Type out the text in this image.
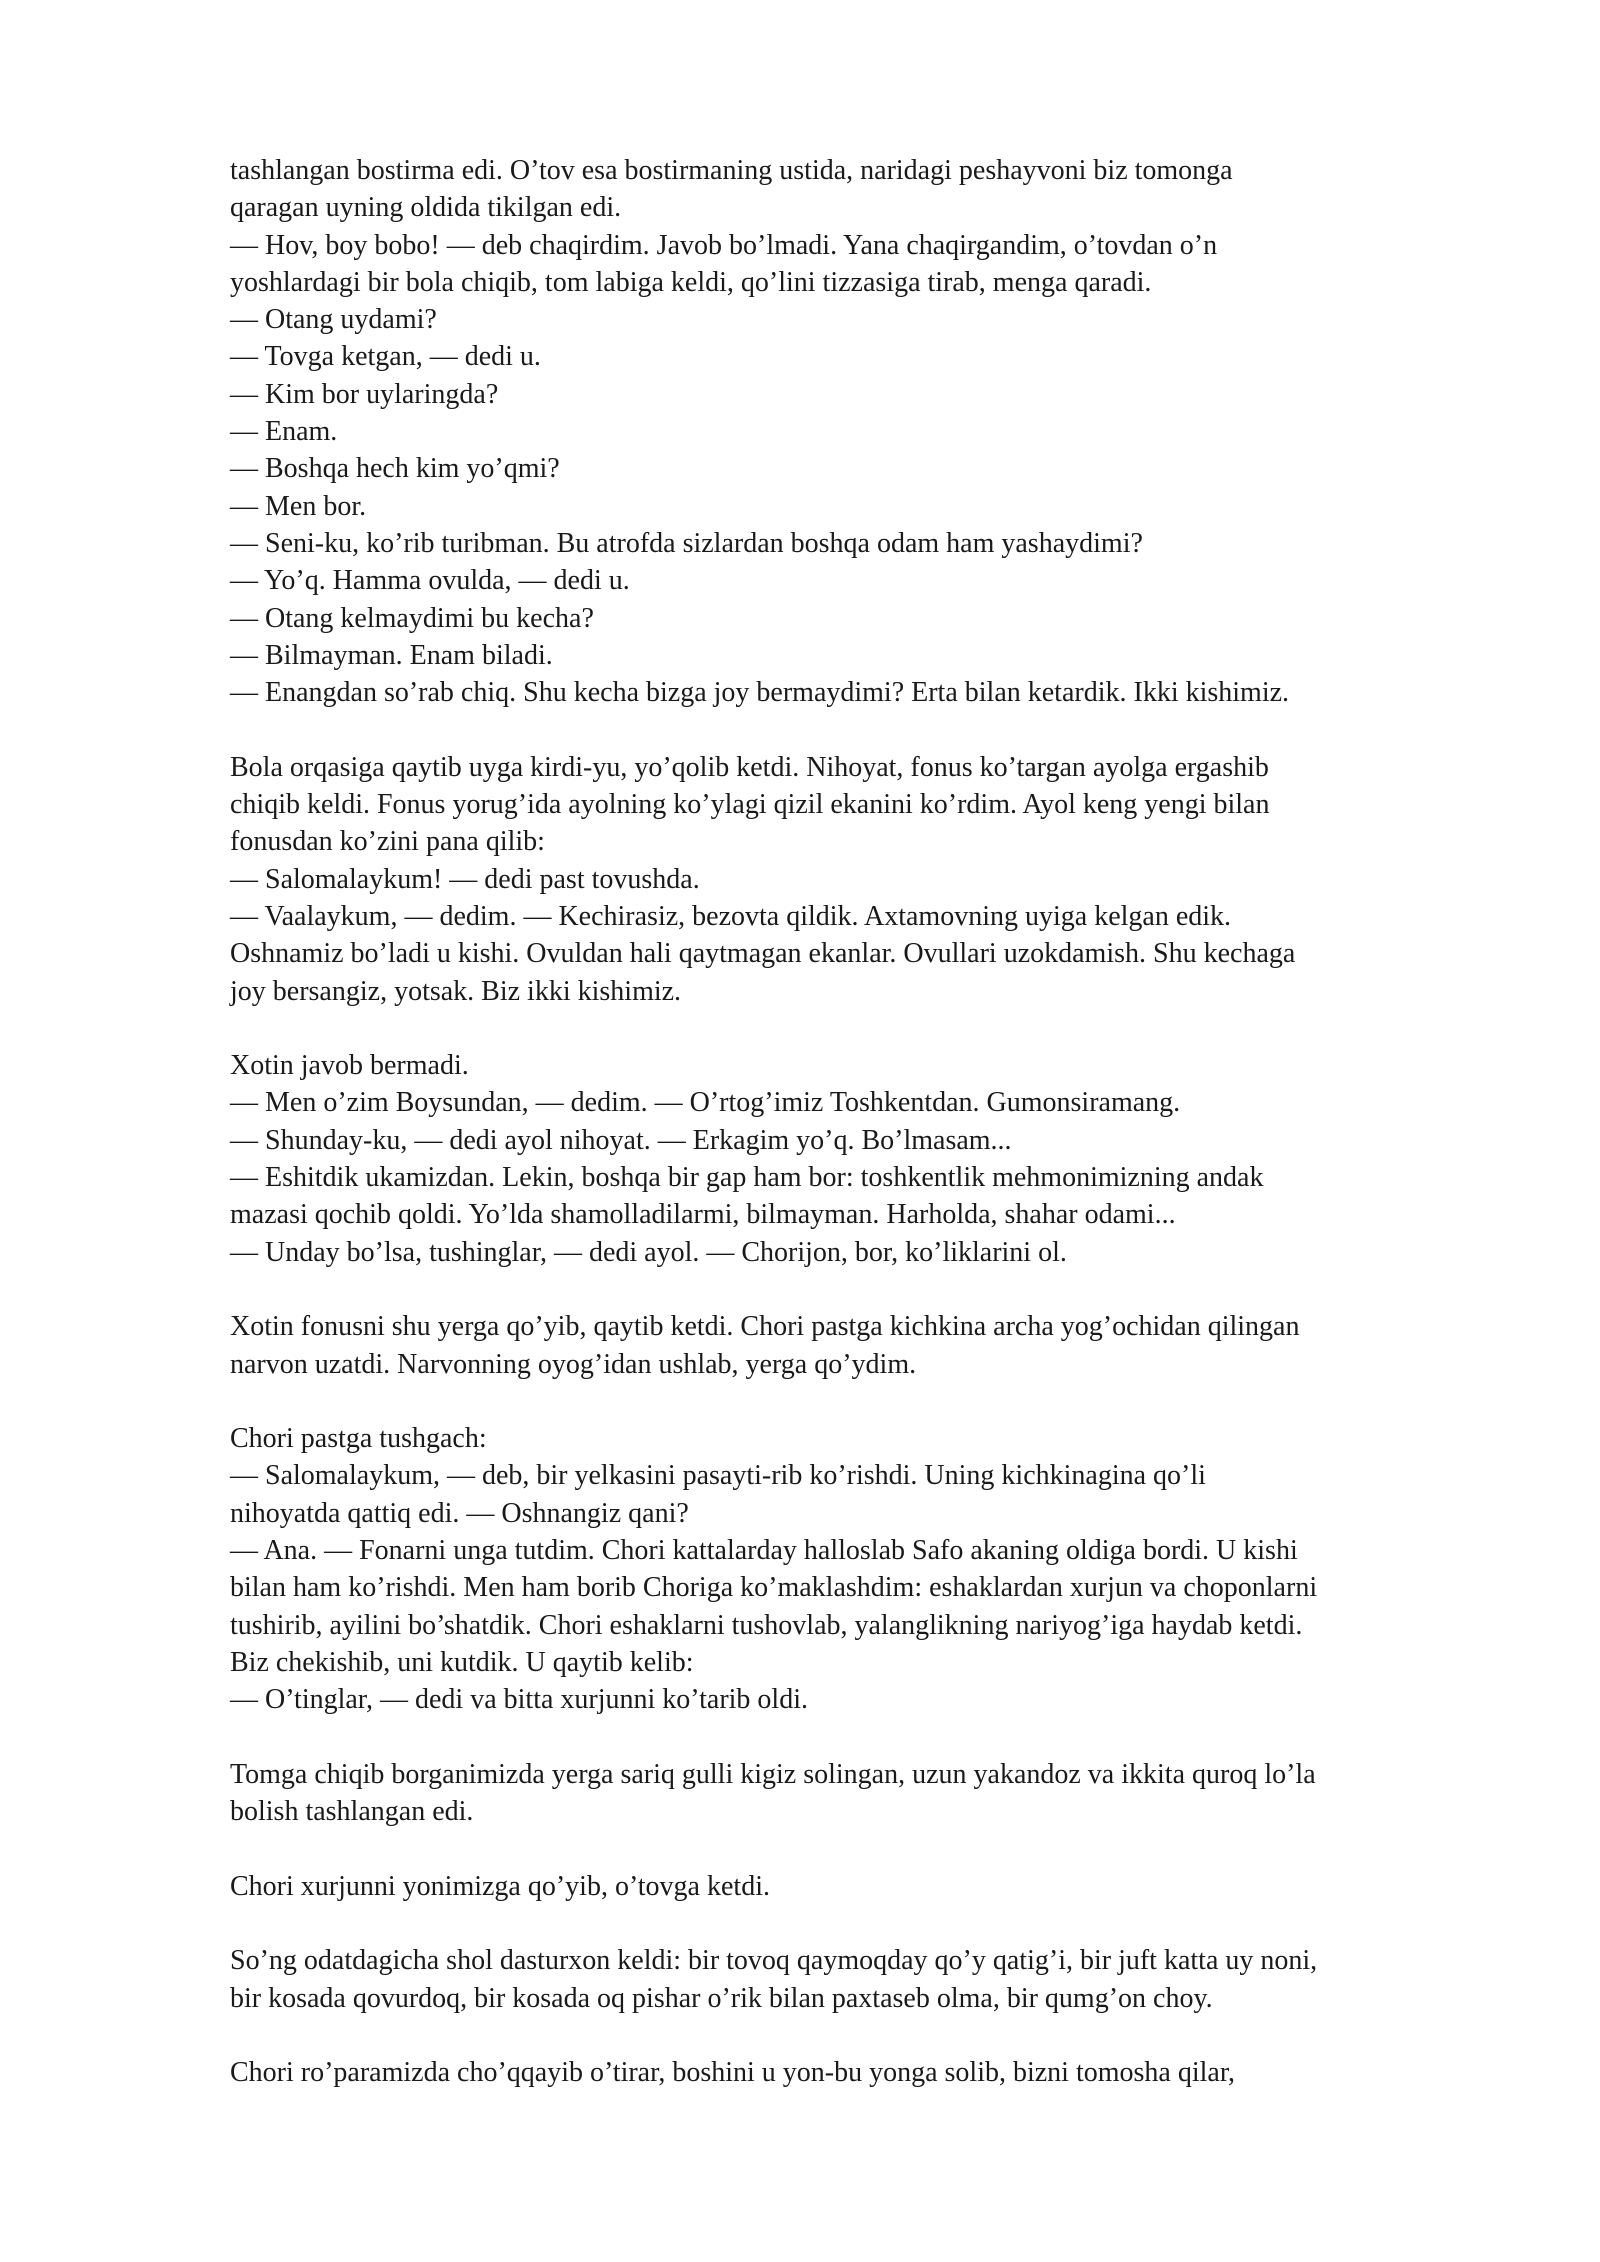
tashlangan bostirma edi. O’tov esa bostirmaning ustida, naridagi peshayvoni biz tomonga
qaragan uyning oldida tikilgan edi.
— Hov, boy bobo! — deb chaqirdim. Javob bo’lmadi. Yana chaqirgandim, o’tovdan o’n
yoshlardagi bir bola chiqib, tom labiga keldi, qo’lini tizzasiga tirab, menga qaradi.
— Otang uydami?
— Tovga ketgan, — dedi u.
— Kim bor uylaringda?
— Enam.
— Boshqa hech kim yo’qmi?
— Men bor.
— Seni-ku, ko’rib turibman. Bu atrofda sizlardan boshqa odam ham yashaydimi?
— Yo’q. Hamma ovulda, — dedi u.
— Otang kelmaydimi bu kecha?
— Bilmayman. Enam biladi.
— Enangdan so’rab chiq. Shu kecha bizga joy bermaydimi? Erta bilan ketardik. Ikki kishimiz.
Bola orqasiga qaytib uyga kirdi-yu, yo’qolib ketdi. Nihoyat, fonus ko’targan ayolga ergashib
chiqib keldi. Fonus yorug’ida ayolning ko’ylagi qizil ekanini ko’rdim. Ayol keng yengi bilan
fonusdan ko’zini pana qilib:
— Salomalaykum! — dedi past tovushda.
— Vaalaykum, — dedim. — Kechirasiz, bezovta qildik. Axtamovning uyiga kelgan edik.
Oshnamiz bo’ladi u kishi. Ovuldan hali qaytmagan ekanlar. Ovullari uzokdamish. Shu kechaga
joy bersangiz, yotsak. Biz ikki kishimiz.
Xotin javob bermadi.
— Men o’zim Boysundan, — dedim. — O’rtog’imiz Toshkentdan. Gumonsiramang.
— Shunday-ku, — dedi ayol nihoyat. — Erkagim yo’q. Bo’lmasam...
— Eshitdik ukamizdan. Lekin, boshqa bir gap ham bor: toshkentlik mehmonimizning andak
mazasi qochib qoldi. Yo’lda shamolladilarmi, bilmayman. Harholda, shahar odami...
— Unday bo’lsa, tushinglar, — dedi ayol. — Chorijon, bor, ko’liklarini ol.
Xotin fonusni shu yerga qo’yib, qaytib ketdi. Chori pastga kichkina archa yog’ochidan qilingan
narvon uzatdi. Narvonning oyog’idan ushlab, yerga qo’ydim.
Chori pastga tushgach:
— Salomalaykum, — deb, bir yelkasini pasayti-rib ko’rishdi. Uning kichkinagina qo’li
nihoyatda qattiq edi. — Oshnangiz qani?
— Ana. — Fonarni unga tutdim. Chori kattalarday halloslab Safo akaning oldiga bordi. U kishi
bilan ham ko’rishdi. Men ham borib Choriga ko’maklashdim: eshaklardan xurjun va choponlarni
tushirib, ayilini bo’shatdik. Chori eshaklarni tushovlab, yalanglikning nariyog’iga haydab ketdi.
Biz chekishib, uni kutdik. U qaytib kelib:
— O’tinglar, — dedi va bitta xurjunni ko’tarib oldi.
Tomga chiqib borganimizda yerga sariq gulli kigiz solingan, uzun yakandoz va ikkita quroq lo’la
bolish tashlangan edi.
Chori xurjunni yonimizga qo’yib, o’tovga ketdi.
So’ng odatdagicha shol dasturxon keldi: bir tovoq qaymoqday qo’y qatig’i, bir juft katta uy noni,
bir kosada qovurdoq, bir kosada oq pishar o’rik bilan paxtaseb olma, bir qumg’on choy.
Chori ro’paramizda cho’qqayib o’tirar, boshini u yon-bu yonga solib, bizni tomosha qilar,
